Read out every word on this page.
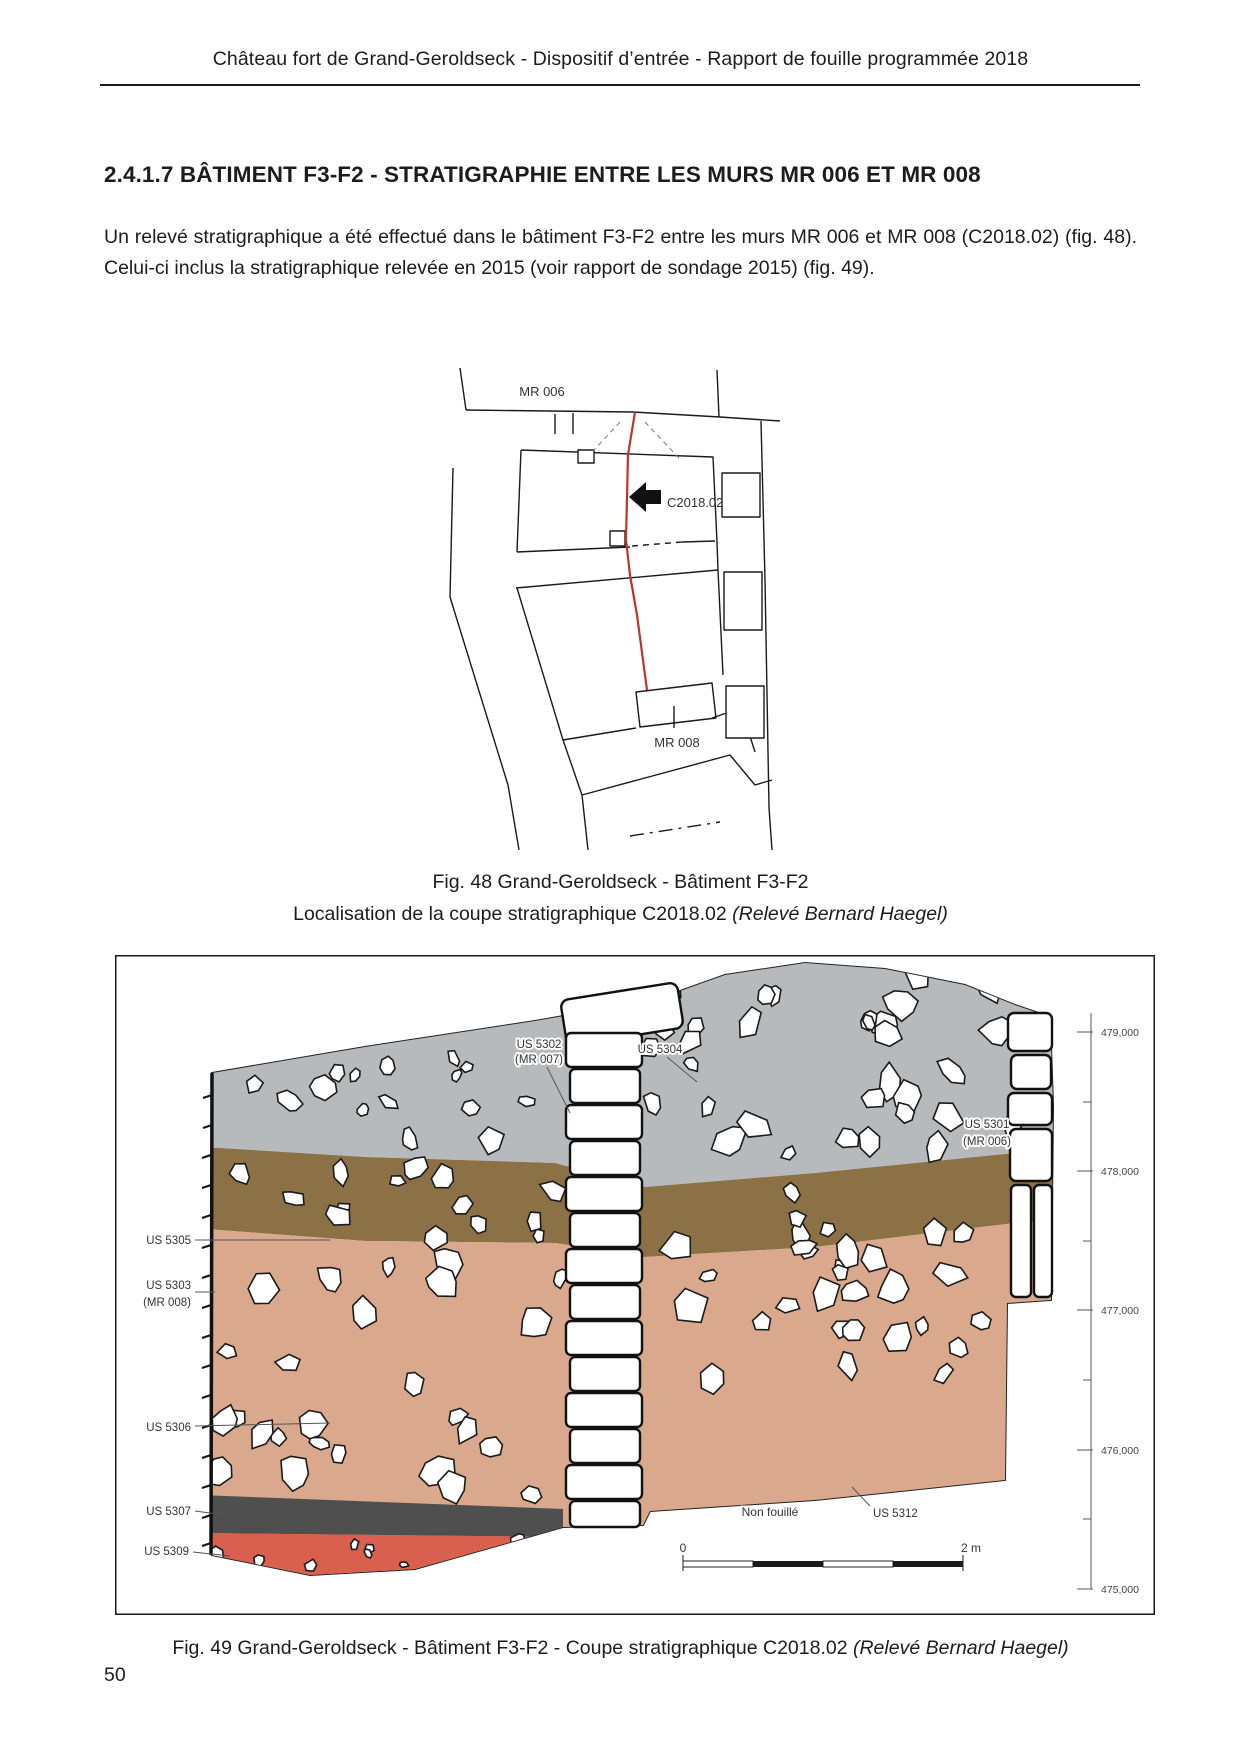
Château fort de Grand-Geroldseck - Dispositif d’entrée - Rapport de fouille programmée 2018
2.4.1.7 BÂTIMENT F3-F2 - STRATIGRAPHIE ENTRE LES MURS MR 006 ET MR 008
Un relevé stratigraphique a été effectué dans le bâtiment F3-F2 entre les murs MR 006 et MR 008 (C2018.02) (fig. 48). Celui-ci inclus la stratigraphique relevée en 2015 (voir rapport de sondage 2015) (fig. 49).
MR 006
C2018.02
MR 008
Fig. 48 Grand-Geroldseck - Bâtiment F3-F2
Localisation de la coupe stratigraphique C2018.02 (Relevé Bernard Haegel)
US 5302
(MR 007)
US 5304
US 5301
(MR 006)
US 5305
US 5303
(MR 008)
US 5306
US 5307
US 5309
Non fouillé	US 5312
479,000
478,000
477,000
476,000
475,000
0	2 m
Fig. 49 Grand-Geroldseck - Bâtiment F3-F2 - Coupe stratigraphique C2018.02 (Relevé Bernard Haegel)
50
